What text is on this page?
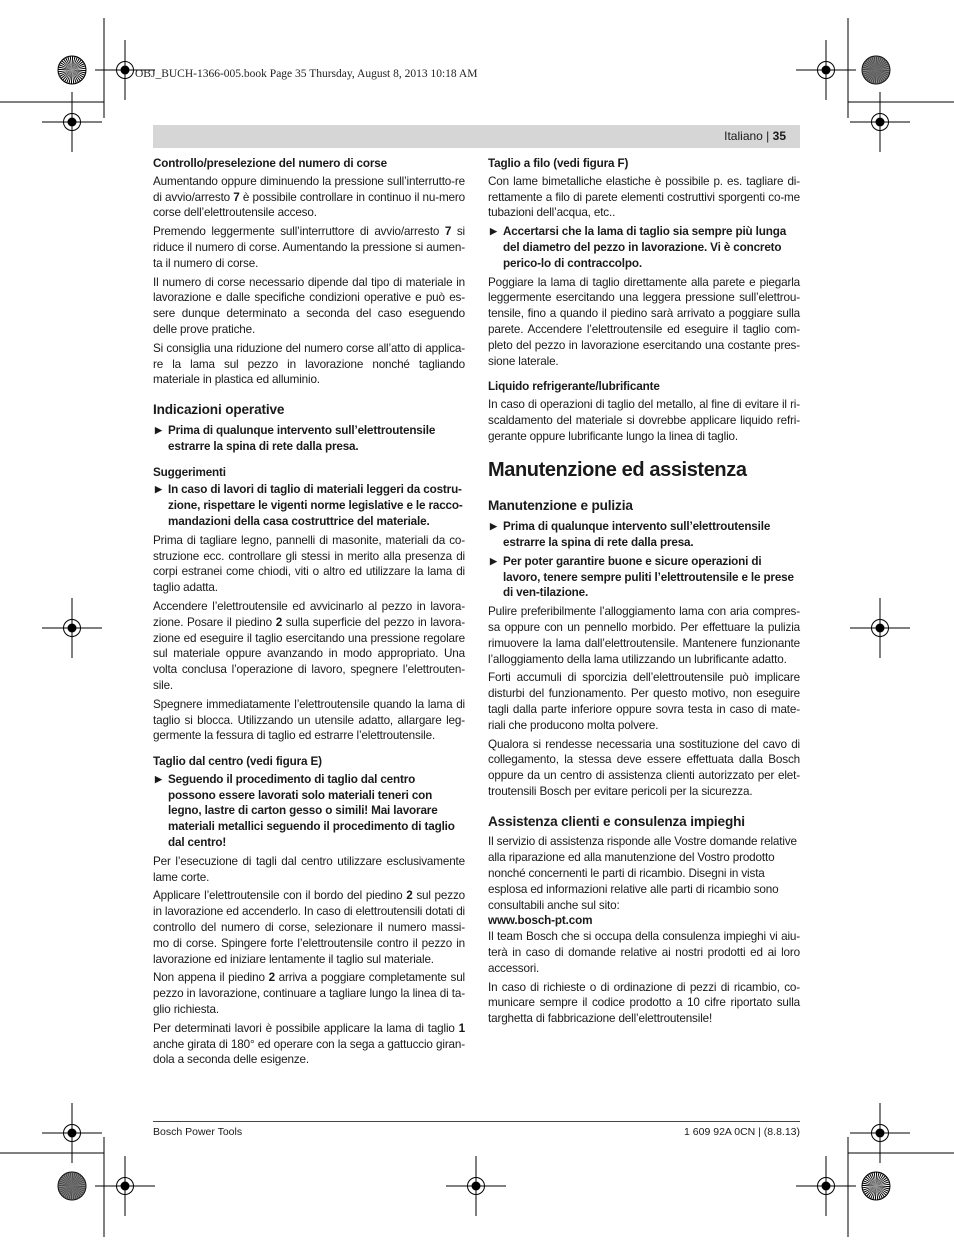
OBJ_BUCH-1366-005.book Page 35 Thursday, August 8, 2013 10:18 AM
Italiano | 35
Controllo/preselezione del numero di corse

Aumentando oppure diminuendo la pressione sull’interrutto-re di avvio/arresto 7 è possibile controllare in continuo il nu-mero corse dell’elettroutensile acceso.

Premendo leggermente sull’interruttore di avvio/arresto 7 si riduce il numero di corse. Aumentando la pressione si aumen-ta il numero di corse.

Il numero di corse necessario dipende dal tipo di materiale in lavorazione e dalle specifiche condizioni operative e può es-sere dunque determinato a seconda del caso eseguendo delle prove pratiche.

Si consiglia una riduzione del numero corse all’atto di applica-re la lama sul pezzo in lavorazione nonché tagliando materiale in plastica ed alluminio.

Indicazioni operative
▶ Prima di qualunque intervento sull’elettroutensile estrarre la spina di rete dalla presa.
Suggerimenti
▶ In caso di lavori di taglio di materiali leggeri da costru-zione, rispettare le vigenti norme legislative e le racco-mandazioni della casa costruttrice del materiale.

Prima di tagliare legno, pannelli di masonite, materiali da co-struzione ecc. controllare gli stessi in merito alla presenza di corpi estranei come chiodi, viti o altro ed utilizzare la lama di taglio adatta.

Accendere l’elettroutensile ed avvicinarlo al pezzo in lavora-zione. Posare il piedino 2 sulla superficie del pezzo in lavora-zione ed eseguire il taglio esercitando una pressione regolare sul materiale oppure avanzando in modo appropriato. Una volta conclusa l’operazione di lavoro, spegnere l’elettrouten-sile.

Spegnere immediatamente l’elettroutensile quando la lama di taglio si blocca. Utilizzando un utensile adatto, allargare leg-germente la fessura di taglio ed estrarre l’elettroutensile.

Taglio dal centro (vedi figura E)
▶ Seguendo il procedimento di taglio dal centro possono essere lavorati solo materiali teneri con legno, lastre di carton gesso o simili! Mai lavorare materiali metallici seguendo il procedimento di taglio dal centro!

Per l’esecuzione di tagli dal centro utilizzare esclusivamente lame corte.

Applicare l’elettroutensile con il bordo del piedino 2 sul pezzo in lavorazione ed accenderlo. In caso di elettroutensili dotati di controllo del numero di corse, selezionare il numero massi-mo di corse. Spingere forte l’elettroutensile contro il pezzo in lavorazione ed iniziare lentamente il taglio sul materiale.

Non appena il piedino 2 arriva a poggiare completamente sul pezzo in lavorazione, continuare a tagliare lungo la linea di ta-glio richiesta.

Per determinati lavori è possibile applicare la lama di taglio 1 anche girata di 180° ed operare con la sega a gattuccio giran-dola a seconda delle esigenze.

Taglio a filo (vedi figura F)

Con lame bimetalliche elastiche è possibile p. es. tagliare di-rettamente a filo di parete elementi costruttivi sporgenti co-me tubazioni dell’acqua, etc..

▶ Accertarsi che la lama di taglio sia sempre più lunga del diametro del pezzo in lavorazione. Vi è concreto perico-lo di contraccolpo.

Poggiare la lama di taglio direttamente alla parete e piegarla leggermente esercitando una leggera pressione sull’elettrou-tensile, fino a quando il piedino sarà arrivato a poggiare sulla parete. Accendere l’elettroutensile ed eseguire il taglio com-pleto del pezzo in lavorazione esercitando una costante pres-sione laterale.

Liquido refrigerante/lubrificante

In caso di operazioni di taglio del metallo, al fine di evitare il ri-scaldamento del materiale si dovrebbe applicare liquido refri-gerante oppure lubrificante lungo la linea di taglio.

Manutenzione ed assistenza
Manutenzione e pulizia
▶ Prima di qualunque intervento sull’elettroutensile estrarre la spina di rete dalla presa.
▶ Per poter garantire buone e sicure operazioni di lavoro, tenere sempre puliti l’elettroutensile e le prese di ven-tilazione.

Pulire preferibilmente l’alloggiamento lama con aria compres-sa oppure con un pennello morbido. Per effettuare la pulizia rimuovere la lama dall’elettroutensile. Mantenere funzionante l’alloggiamento della lama utilizzando un lubrificante adatto.

Forti accumuli di sporcizia dell’elettroutensile può implicare disturbi del funzionamento. Per questo motivo, non eseguire tagli dalla parte inferiore oppure sovra testa in caso di mate-riali che producono molta polvere.

Qualora si rendesse necessaria una sostituzione del cavo di collegamento, la stessa deve essere effettuata dalla Bosch oppure da un centro di assistenza clienti autorizzato per elet-troutensili Bosch per evitare pericoli per la sicurezza.

Assistenza clienti e consulenza impieghi

Il servizio di assistenza risponde alle Vostre domande relative alla riparazione ed alla manutenzione del Vostro prodotto nonché concernenti le parti di ricambio. Disegni in vista esplosa ed informazioni relative alle parti di ricambio sono consultabili anche sul sito:

www.bosch-pt.com

Il team Bosch che si occupa della consulenza impieghi vi aiu-terà in caso di domande relative ai nostri prodotti ed ai loro accessori.

In caso di richieste o di ordinazione di pezzi di ricambio, co-municare sempre il codice prodotto a 10 cifre riportato sulla targhetta di fabbricazione dell’elettroutensile!

Bosch Power Tools	1 609 92A 0CN | (8.8.13)
